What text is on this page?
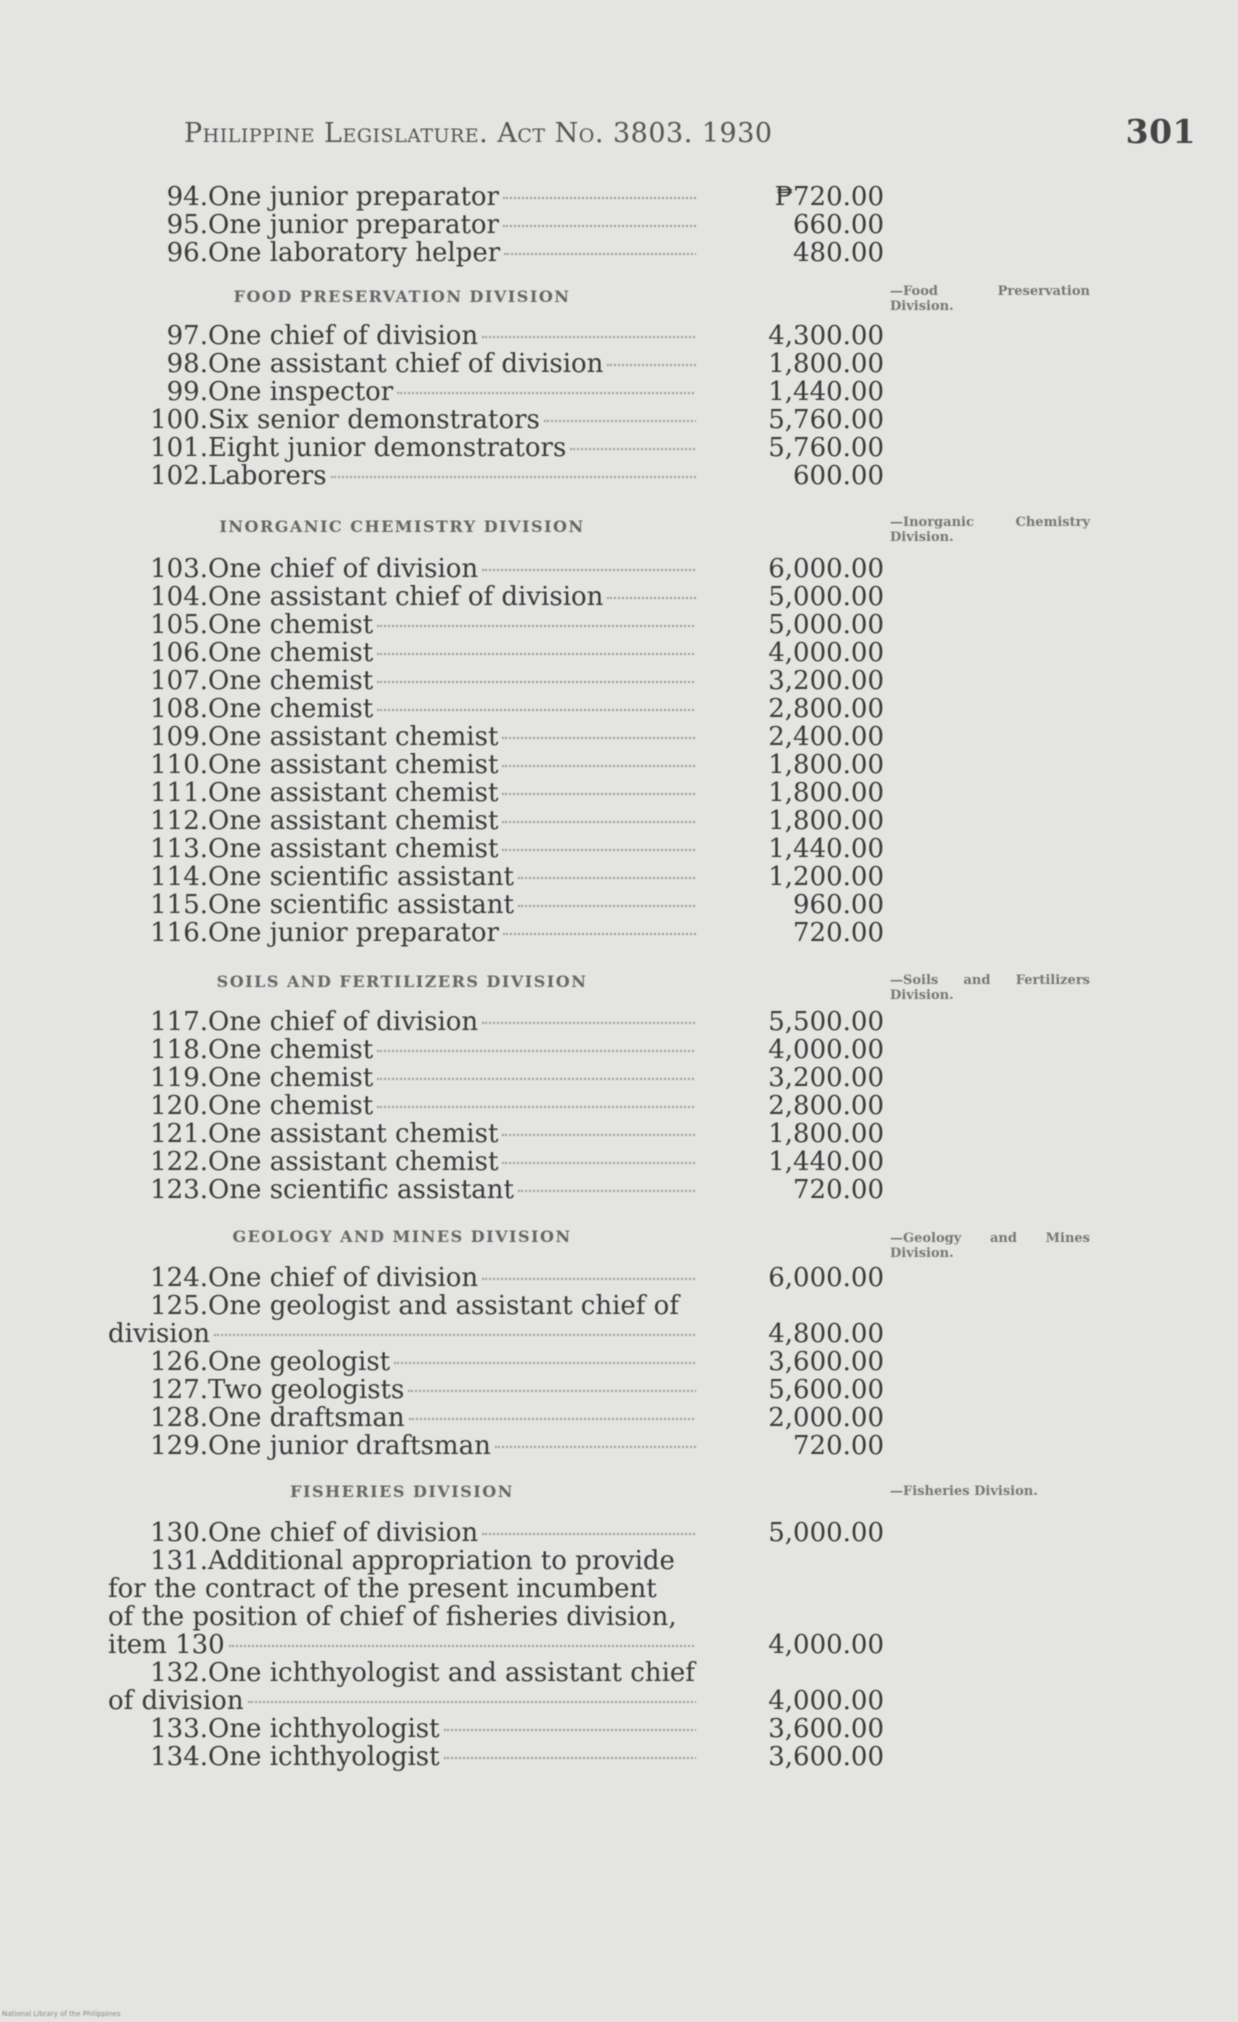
Philippine Legislature. Act No. 3803. 1930	301
94. One junior preparator	₱720.00
95. One junior preparator	660.00
96. One laboratory helper	480.00
97. One chief of division	4,300.00
98. One assistant chief of division	1,800.00
99. One inspector	1,440.00
100. Six senior demonstrators	5,760.00
101. Eight junior demonstrators	5,760.00
102. Laborers	600.00
103. One chief of division	6,000.00
104. One assistant chief of division	5,000.00
105. One chemist	5,000.00
106. One chemist	4,000.00
107. One chemist	3,200.00
108. One chemist	2,800.00
109. One assistant chemist	2,400.00
110. One assistant chemist	1,800.00
111. One assistant chemist	1,800.00
112. One assistant chemist	1,800.00
113. One assistant chemist	1,440.00
114. One scientific assistant	1,200.00
115. One scientific assistant	960.00
116. One junior preparator	720.00
117. One chief of division	5,500.00
118. One chemist	4,000.00
119. One chemist	3,200.00
120. One chemist	2,800.00
121. One assistant chemist	1,800.00
122. One assistant chemist	1,440.00
123. One scientific assistant	720.00
124. One chief of division	6,000.00
126. One geologist	3,600.00
127. Two geologists	5,600.00
128. One draftsman	2,000.00
129. One junior draftsman	720.00
130. One chief of division	5,000.00
133. One ichthyologist	3,600.00
134. One ichthyologist	3,600.00
FOOD PRESERVATION DIVISION
INORGANIC CHEMISTRY DIVISION
SOILS AND FERTILIZERS DIVISION
GEOLOGY AND MINES DIVISION
FISHERIES DIVISION
—Food Preservation Division.
—Inorganic Chemistry Division.
—Soils and Fertilizers Division.
—Geology and Mines Division.
—Fisheries Division.
125. One geologist and assistant chief of
division	4,800.00
131. Additional appropriation to provide
for the contract of the present incumbent
of the position of chief of fisheries division,
item 130	4,000.00
132. One ichthyologist and assistant chief
of division	4,000.00
National Library of the Philippines
